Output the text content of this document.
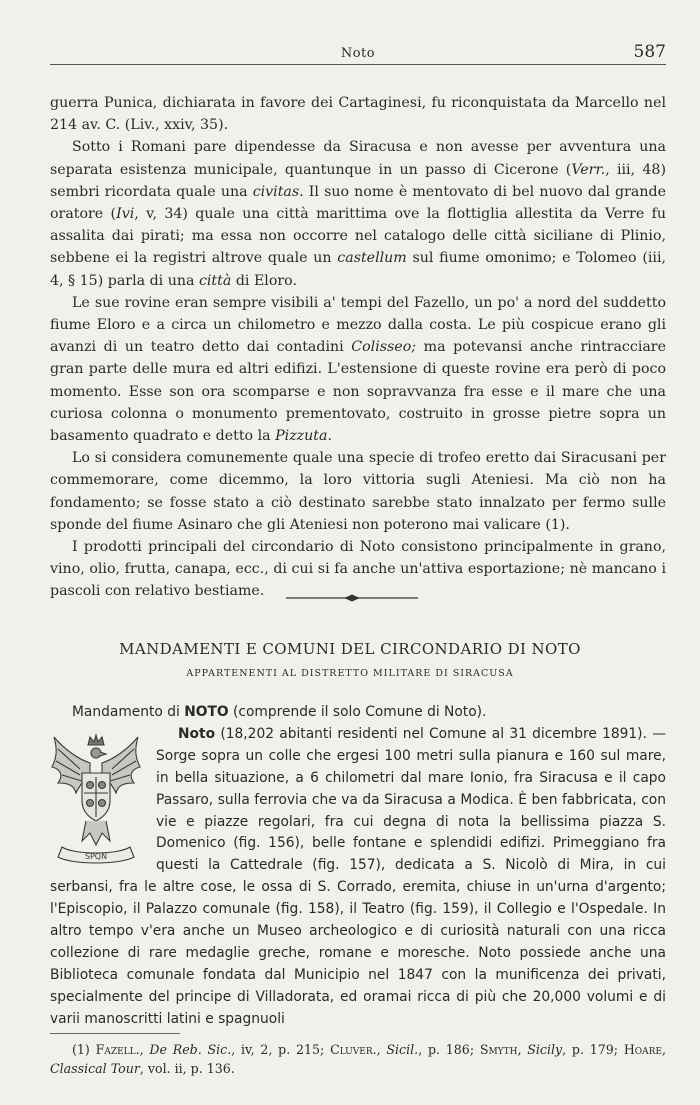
Noto	587

guerra Punica, dichiarata in favore dei Cartaginesi, fu riconquistata da Marcello nel 214 av. C. (Liv., xxiv, 35).

Sotto i Romani pare dipendesse da Siracusa e non avesse per avventura una separata esistenza municipale, quantunque in un passo di Cicerone (Verr., iii, 48) sembri ricordata quale una civitas. Il suo nome è mentovato di bel nuovo dal grande oratore (Ivi, v, 34) quale una città marittima ove la flottiglia allestita da Verre fu assalita dai pirati; ma essa non occorre nel catalogo delle città siciliane di Plinio, sebbene ei la registri altrove quale un castellum sul fiume omonimo; e Tolomeo (iii, 4, § 15) parla di una città di Eloro.

Le sue rovine eran sempre visibili a' tempi del Fazello, un po' a nord del suddetto fiume Eloro e a circa un chilometro e mezzo dalla costa. Le più cospicue erano gli avanzi di un teatro detto dai contadini Colisseo; ma potevansi anche rintracciare gran parte delle mura ed altri edifizi. L'estensione di queste rovine era però di poco momento. Esse son ora scomparse e non sopravvanza fra esse e il mare che una curiosa colonna o monumento prementovato, costruito in grosse pietre sopra un basamento quadrato e detto la Pizzuta.

Lo si considera comunemente quale una specie di trofeo eretto dai Siracusani per commemorare, come dicemmo, la loro vittoria sugli Ateniesi. Ma ciò non ha fondamento; se fosse stato a ciò destinato sarebbe stato innalzato per fermo sulle sponde del fiume Asinaro che gli Ateniesi non poterono mai valicare (1).

I prodotti principali del circondario di Noto consistono principalmente in grano, vino, olio, frutta, canapa, ecc., di cui si fa anche un'attiva esportazione; nè mancano i pascoli con relativo bestiame.

MANDAMENTI E COMUNI DEL CIRCONDARIO DI NOTO
APPARTENENTI AL DISTRETTO MILITARE DI SIRACUSA

Mandamento di NOTO (comprende il solo Comune di Noto).

Noto
SPQN
(18,202 abitanti residenti nel Comune al 31 dicembre 1891). — Sorge sopra un colle che ergesi 100 metri sulla pianura e 160 sul mare, in bella situazione, a 6 chilometri dal mare Ionio, fra Siracusa e il capo Passaro, sulla ferrovia che va da Siracusa a Modica. È ben fabbricata, con vie e piazze regolari, fra cui degna di nota la bellissima piazza S. Domenico (fig. 156), belle fontane e splendidi edifizi. Primeggiano fra questi la Cattedrale (fig. 157), dedicata a S. Nicolò di Mira, in cui serbansi, fra le altre cose, le ossa di S. Corrado, eremita, chiuse in un'urna d'argento; l'Episcopio, il Palazzo comunale (fig. 158), il Teatro (fig. 159), il Collegio e l'Ospedale. In altro tempo v'era anche un Museo archeologico e di curiosità naturali con una ricca collezione di rare medaglie greche, romane e moresche. Noto possiede anche una Biblioteca comunale fondata dal Municipio nel 1847 con la munificenza dei privati, specialmente del principe di Villadorata, ed oramai ricca di più che 20,000 volumi e di varii manoscritti latini e spagnuoli

(1) Fazell., De Reb. Sic., iv, 2, p. 215; Cluver., Sicil., p. 186; Smyth, Sicily, p. 179; Hoare, Classical Tour, vol. ii, p. 136.
